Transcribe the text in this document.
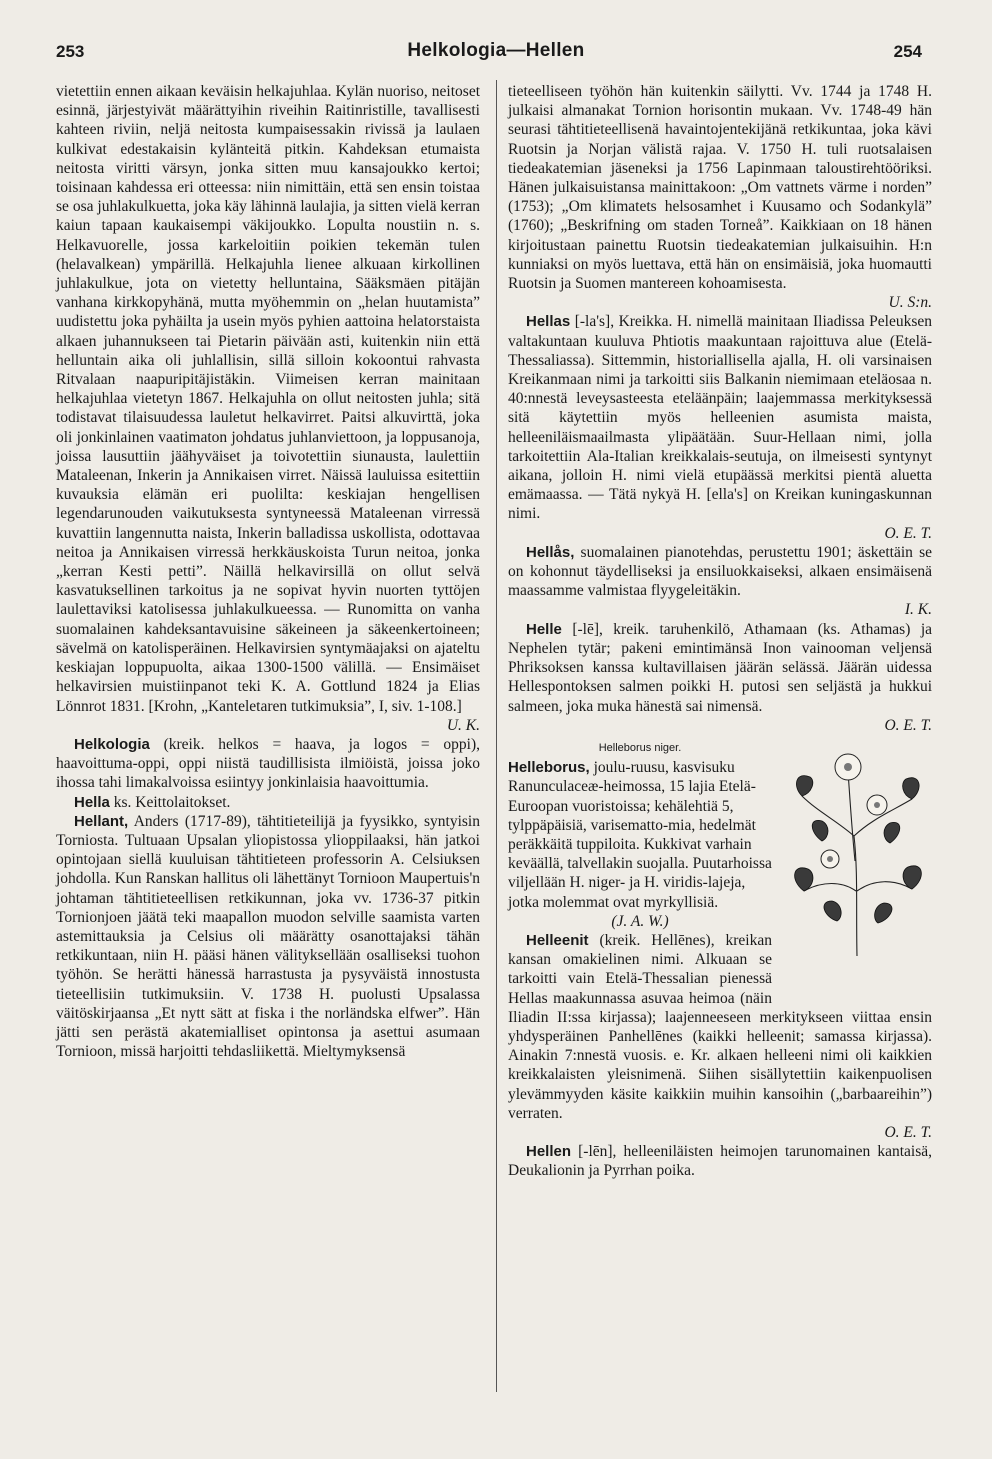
253	Helkologia—Hellen	254

vietettiin ennen aikaan keväisin helkajuhlaa. Kylän nuoriso, neitoset esinnä, järjestyivät määrättyihin riveihin Raitinristille, tavallisesti kahteen riviin, neljä neitosta kumpaisessakin rivissä ja laulaen kulkivat edestakaisin kylänteitä pitkin. Kahdeksan etumaista neitosta viritti värsyn, jonka sitten muu kansajoukko kertoi; toisinaan kahdessa eri otteessa: niin nimittäin, että sen ensin toistaa se osa juhlakulkuetta, joka käy lähinnä laulajia, ja sitten vielä kerran kaiun tapaan kaukaisempi väkijoukko. Lopulta noustiin n. s. Helkavuorelle, jossa karkeloitiin poikien tekemän tulen (helavalkean) ympärillä. Helkajuhla lienee alkuaan kirkollinen juhlakulkue, jota on vietetty helluntaina, Sääksmäen pitäjän vanhana kirkkopyhänä, mutta myöhemmin on „helan huutamista” uudistettu joka pyhäilta ja usein myös pyhien aattoina helatorstaista alkaen juhannukseen tai Pietarin päivään asti, kuitenkin niin että helluntain aika oli juhlallisin, sillä silloin kokoontui rahvasta Ritvalaan naapuripitäjistäkin. Viimeisen kerran mainitaan helkajuhlaa vietetyn 1867. Helkajuhla on ollut neitosten juhla; sitä todistavat tilaisuudessa lauletut helkavirret. Paitsi alkuvirttä, joka oli jonkinlainen vaatimaton johdatus juhlanviettoon, ja loppusanoja, joissa lausuttiin jäähyväiset ja toivotettiin siunausta, laulettiin Mataleenan, Inkerin ja Annikaisen virret. Näissä lauluissa esitettiin kuvauksia elämän eri puolilta: keskiajan hengellisen legendarunouden vaikutuksesta syntyneessä Mataleenan virressä kuvattiin langennutta naista, Inkerin balladissa uskollista, odottavaa neitoa ja Annikaisen virressä herkkäuskoista Turun neitoa, jonka „kerran Kesti petti”. Näillä helkavirsillä on ollut selvä kasvatuksellinen tarkoitus ja ne sopivat hyvin nuorten tyttöjen laulettaviksi katolisessa juhlakulkueessa. — Runomitta on vanha suomalainen kahdeksantavuisine säkeineen ja säkeenkertoineen; sävelmä on katolisperäinen. Helkavirsien syntymäajaksi on ajateltu keskiajan loppupuolta, aikaa 1300-1500 välillä. — Ensimäiset helkavirsien muistiinpanot teki K. A. Gottlund 1824 ja Elias Lönnrot 1831. [Krohn, „Kanteletaren tutkimuksia”, I, siv. 1-108.]
U. K.

Helkologia (kreik. helkos = haava, ja logos = oppi), haavoittuma-oppi, oppi niistä taudillisista ilmiöistä, joissa joko ihossa tahi limakalvoissa esiintyy jonkinlaisia haavoittumia.

Hella ks. Keittolaitokset.

Hellant, Anders (1717-89), tähtitieteilijä ja fyysikko, syntyisin Torniosta. Tultuaan Upsalan yliopistossa ylioppilaaksi, hän jatkoi opintojaan siellä kuuluisan tähtitieteen professorin A. Celsiuksen johdolla. Kun Ranskan hallitus oli lähettänyt Tornioon Maupertuis'n johtaman tähtitieteellisen retkikunnan, joka vv. 1736-37 pitkin Tornionjoen jäätä teki maapallon muodon selville saamista varten astemittauksia ja Celsius oli määrätty osanottajaksi tähän retkikuntaan, niin H. pääsi hänen välityksellään osalliseksi tuohon työhön. Se herätti hänessä harrastusta ja pysyväistä innostusta tieteellisiin tutkimuksiin. V. 1738 H. puolusti Upsalassa väitöskirjaansa „Et nytt sätt at fiska i the norländska elfwer”. Hän jätti sen perästä akatemialliset opintonsa ja asettui asumaan Tornioon, missä harjoitti tehdasliikettä. Mieltymyksensä

tieteelliseen työhön hän kuitenkin säilytti. Vv. 1744 ja 1748 H. julkaisi almanakat Tornion horisontin mukaan. Vv. 1748-49 hän seurasi tähtitieteellisenä havaintojentekijänä retkikuntaa, joka kävi Ruotsin ja Norjan välistä rajaa. V. 1750 H. tuli ruotsalaisen tiedeakatemian jäseneksi ja 1756 Lapinmaan taloustirehtööriksi. Hänen julkaisuistansa mainittakoon: „Om vattnets värme i norden” (1753); „Om klimatets helsosamhet i Kuusamo och Sodankylä” (1760); „Beskrifning om staden Torneå”. Kaikkiaan on 18 hänen kirjoitustaan painettu Ruotsin tiedeakatemian julkaisuihin. H:n kunniaksi on myös luettava, että hän on ensimäisiä, joka huomautti Ruotsin ja Suomen mantereen kohoamisesta.
U. S:n.

Hellas [-la's], Kreikka. H. nimellä mainitaan Iliadissa Peleuksen valtakuntaan kuuluva Phtiotis maakuntaan rajoittuva alue (Etelä-Thessaliassa). Sittemmin, historiallisella ajalla, H. oli varsinaisen Kreikanmaan nimi ja tarkoitti siis Balkanin niemimaan eteläosaa n. 40:nnestä leveysasteesta eteläänpäin; laajemmassa merkityksessä sitä käytettiin myös helleenien asumista maista, helleeniläismaailmasta ylipäätään. Suur-Hellaan nimi, jolla tarkoitettiin Ala-Italian kreikkalais-seutuja, on ilmeisesti syntynyt aikana, jolloin H. nimi vielä etupäässä merkitsi pientä aluetta emämaassa. — Tätä nykyä H. [ella's] on Kreikan kuningaskunnan nimi.
O. E. T.

Hellås, suomalainen pianotehdas, perustettu 1901; äskettäin se on kohonnut täydelliseksi ja ensiluokkaiseksi, alkaen ensimäisenä maassamme valmistaa flyygeleitäkin.
I. K.

Helle [-lē], kreik. taruhenkilö, Athamaan (ks. Athamas) ja Nephelen tytär; pakeni emintimänsä Inon vainooman veljensä Phriksoksen kanssa kultavillaisen jäärän selässä. Jäärän uidessa Hellespontoksen salmen poikki H. putosi sen seljästä ja hukkui salmeen, joka muka hänestä sai nimensä.
O. E. T.

Helleborus niger.
Helleborus, joulu-ruusu, kasvisuku Ranunculaceæ-heimossa, 15 lajia Etelä-Euroopan vuoristoissa; kehälehtiä 5, tylppäpäisiä, varisematto-mia, hedelmät peräkkäitä tuppiloita. Kukkivat varhain keväällä, talvellakin suojalla. Puutarhoissa viljellään H. niger- ja H. viridis-lajeja, jotka molemmat ovat myrkyllisiä.
(J. A. W.)

Helleenit (kreik. Hellēnes), kreikan kansan omakielinen nimi. Alkuaan se tarkoitti vain Etelä-Thessalian pienessä Hellas maakunnassa asuvaa heimoa (näin Iliadin II:ssa kirjassa); laajenneeseen merkitykseen viittaa ensin yhdysperäinen Panhellēnes (kaikki helleenit; samassa kirjassa). Ainakin 7:nnestä vuosis. e. Kr. alkaen helleeni nimi oli kaikkien kreikkalaisten yleisnimenä. Siihen sisällytettiin kaikenpuolisen ylevämmyyden käsite kaikkiin muihin kansoihin („barbaareihin”) verraten.
O. E. T.

Hellen [-lēn], helleeniläisten heimojen tarunomainen kantaisä, Deukalionin ja Pyrrhan poika.
